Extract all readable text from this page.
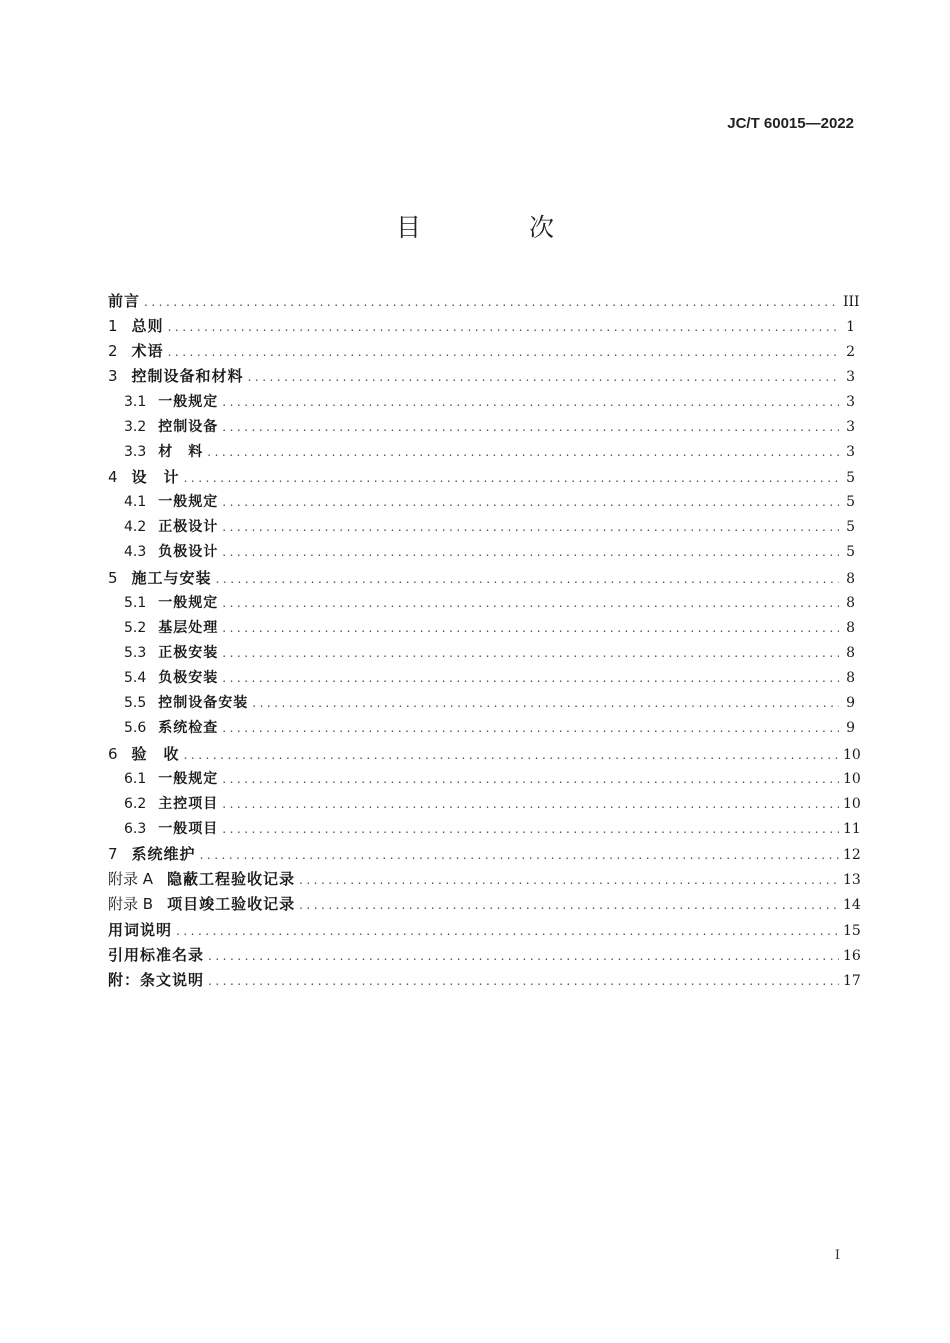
JC/T 60015—2022
目 次
前言 .....	III
1 总则 .....	1
2 术语 .....	2
3 控制设备和材料 .....	3
3.1 一般规定 .....	3
3.2 控制设备 .....	3
3.3 材　料 .....	3
4 设　计 .....	5
4.1 一般规定 .....	5
4.2 正极设计 .....	5
4.3 负极设计 .....	5
5 施工与安装 .....	8
5.1 一般规定 .....	8
5.2 基层处理 .....	8
5.3 正极安装 .....	8
5.4 负极安装 .....	8
5.5 控制设备安装 .....	9
5.6 系统检查 .....	9
6 验　收 .....	10
6.1 一般规定 .....	10
6.2 主控项目 .....	10
6.3 一般项目 .....	11
7 系统维护 .....	12
附录 A 隐蔽工程验收记录 .....	13
附录 B 项目竣工验收记录 .....	14
用词说明 .....	15
引用标准名录 .....	16
附：条文说明 .....	17
I
